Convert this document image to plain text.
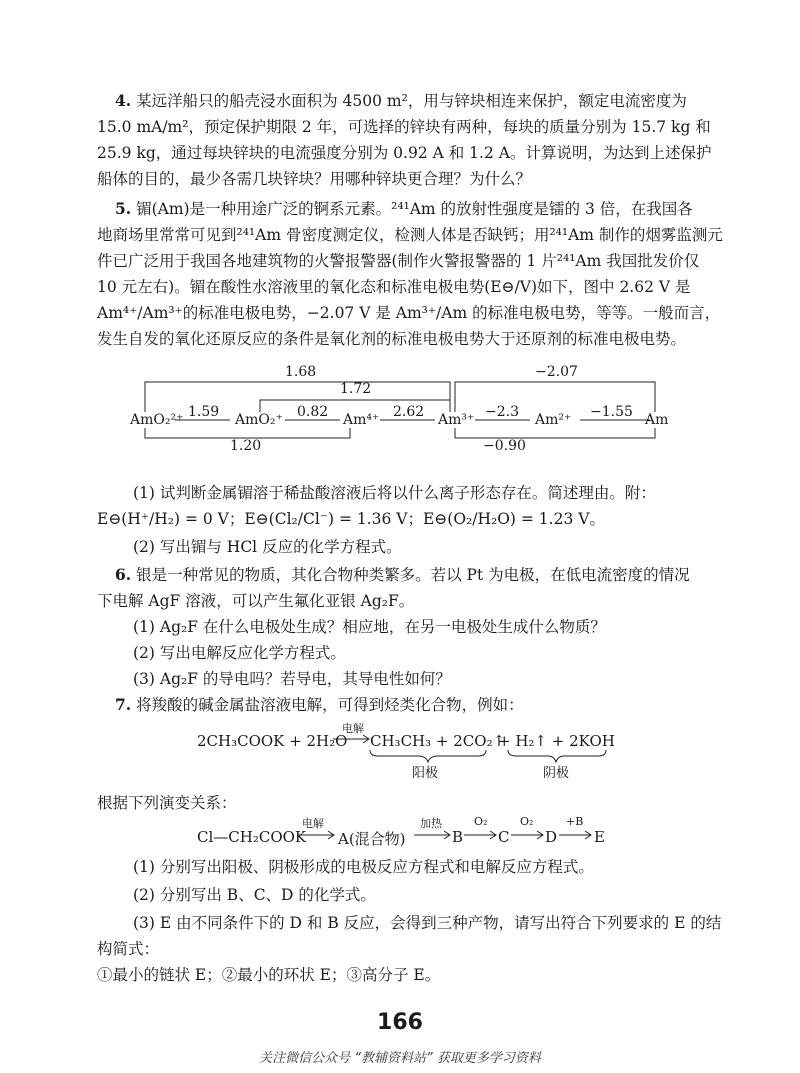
4. 某远洋船只的船壳浸水面积为 4500 m²，用与锌块相连来保护，额定电流密度为
15.0 mA/m²，预定保护期限 2 年，可选择的锌块有两种，每块的质量分别为 15.7 kg 和
25.9 kg，通过每块锌块的电流强度分别为 0.92 A 和 1.2 A。计算说明，为达到上述保护
船体的目的，最少各需几块锌块？用哪种锌块更合理？为什么？
5. 镅(Am)是一种用途广泛的锕系元素。²⁴¹Am 的放射性强度是镭的 3 倍，在我国各
地商场里常常可见到²⁴¹Am 骨密度测定仪，检测人体是否缺钙；用²⁴¹Am 制作的烟雾监测元
件已广泛用于我国各地建筑物的火警报警器(制作火警报警器的 1 片²⁴¹Am 我国批发价仅
10 元左右)。镅在酸性水溶液里的氧化态和标准电极电势(E⊖/V)如下，图中 2.62 V 是
Am⁴⁺/Am³⁺的标准电极电势，−2.07 V 是 Am³⁺/Am 的标准电极电势，等等。一般而言，
发生自发的氧化还原反应的条件是氧化剂的标准电极电势大于还原剂的标准电极电势。
AmO₂²⁺	AmO₂⁺	Am⁴⁺	Am³⁺	Am²⁺	Am
1.59	0.82	2.62	−2.3	−1.55
1.68
1.72
1.20
−2.07
−0.90
(1) 试判断金属镅溶于稀盐酸溶液后将以什么离子形态存在。简述理由。附：
E⊖(H⁺/H₂) = 0 V；E⊖(Cl₂/Cl⁻) = 1.36 V；E⊖(O₂/H₂O) = 1.23 V。
(2) 写出镅与 HCl 反应的化学方程式。
6. 银是一种常见的物质，其化合物种类繁多。若以 Pt 为电极，在低电流密度的情况
下电解 AgF 溶液，可以产生氟化亚银 Ag₂F。
(1) Ag₂F 在什么电极处生成？相应地，在另一电极处生成什么物质？
(2) 写出电解反应化学方程式。
(3) Ag₂F 的导电吗？若导电，其导电性如何？
7. 将羧酸的碱金属盐溶液电解，可得到烃类化合物，例如：
2CH₃COOK + 2H₂O
电解
CH₃CH₃ + 2CO₂↑
+ H₂↑ + 2KOH
阳极	阴极
根据下列演变关系：
Cl—CH₂COOK
电解
A(混合物)
加热
B
O₂
C
O₂
D
+B
E
(1) 分别写出阳极、阴极形成的电极反应方程式和电解反应方程式。
(2) 分别写出 B、C、D 的化学式。
(3) E 由不同条件下的 D 和 B 反应，会得到三种产物，请写出符合下列要求的 E 的结
构简式：
①最小的链状 E；②最小的环状 E；③高分子 E。
166
关注微信公众号 “教辅资料站” 获取更多学习资料
